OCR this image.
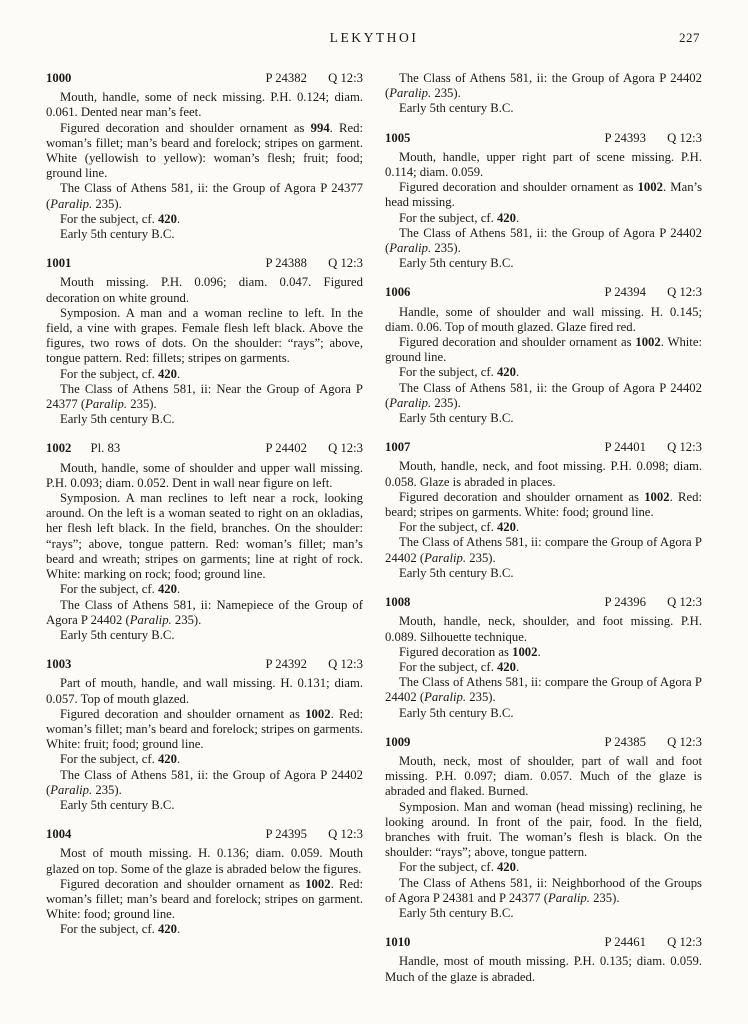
LEKYTHOI	227
1000	P 24382 Q 12:3

Mouth, handle, some of neck missing. P.H. 0.124; diam. 0.061. Dented near man’s feet.

Figured decoration and shoulder ornament as 994. Red: woman’s fillet; man’s beard and forelock; stripes on garment. White (yellowish to yellow): woman’s flesh; fruit; food; ground line.

The Class of Athens 581, ii: the Group of Agora P 24377 (Paralip. 235).

For the subject, cf. 420.

Early 5th century B.C.

1001	P 24388 Q 12:3

Mouth missing. P.H. 0.096; diam. 0.047. Figured decoration on white ground.

Symposion. A man and a woman recline to left. In the field, a vine with grapes. Female flesh left black. Above the figures, two rows of dots. On the shoulder: “rays”; above, tongue pattern. Red: fillets; stripes on garments.

For the subject, cf. 420.

The Class of Athens 581, ii: Near the Group of Agora P 24377 (Paralip. 235).

Early 5th century B.C.

1002 Pl. 83	P 24402 Q 12:3

Mouth, handle, some of shoulder and upper wall missing. P.H. 0.093; diam. 0.052. Dent in wall near figure on left.

Symposion. A man reclines to left near a rock, looking around. On the left is a woman seated to right on an okladias, her flesh left black. In the field, branches. On the shoulder: “rays”; above, tongue pattern. Red: woman’s fillet; man’s beard and wreath; stripes on garments; line at right of rock. White: marking on rock; food; ground line.

For the subject, cf. 420.

The Class of Athens 581, ii: Namepiece of the Group of Agora P 24402 (Paralip. 235).

Early 5th century B.C.

1003	P 24392 Q 12:3

Part of mouth, handle, and wall missing. H. 0.131; diam. 0.057. Top of mouth glazed.

Figured decoration and shoulder ornament as 1002. Red: woman’s fillet; man’s beard and forelock; stripes on garments. White: fruit; food; ground line.

For the subject, cf. 420.

The Class of Athens 581, ii: the Group of Agora P 24402 (Paralip. 235).

Early 5th century B.C.

1004	P 24395 Q 12:3

Most of mouth missing. H. 0.136; diam. 0.059. Mouth glazed on top. Some of the glaze is abraded below the figures.

Figured decoration and shoulder ornament as 1002. Red: woman’s fillet; man’s beard and forelock; stripes on garment. White: food; ground line.

For the subject, cf. 420.

The Class of Athens 581, ii: the Group of Agora P 24402 (Paralip. 235).

Early 5th century B.C.

1005	P 24393 Q 12:3

Mouth, handle, upper right part of scene missing. P.H. 0.114; diam. 0.059.

Figured decoration and shoulder ornament as 1002. Man’s head missing.

For the subject, cf. 420.

The Class of Athens 581, ii: the Group of Agora P 24402 (Paralip. 235).

Early 5th century B.C.

1006	P 24394 Q 12:3

Handle, some of shoulder and wall missing. H. 0.145; diam. 0.06. Top of mouth glazed. Glaze fired red.

Figured decoration and shoulder ornament as 1002. White: ground line.

For the subject, cf. 420.

The Class of Athens 581, ii: the Group of Agora P 24402 (Paralip. 235).

Early 5th century B.C.

1007	P 24401 Q 12:3

Mouth, handle, neck, and foot missing. P.H. 0.098; diam. 0.058. Glaze is abraded in places.

Figured decoration and shoulder ornament as 1002. Red: beard; stripes on garments. White: food; ground line.

For the subject, cf. 420.

The Class of Athens 581, ii: compare the Group of Agora P 24402 (Paralip. 235).

Early 5th century B.C.

1008	P 24396 Q 12:3

Mouth, handle, neck, shoulder, and foot missing. P.H. 0.089. Silhouette technique.

Figured decoration as 1002.

For the subject, cf. 420.

The Class of Athens 581, ii: compare the Group of Agora P 24402 (Paralip. 235).

Early 5th century B.C.

1009	P 24385 Q 12:3

Mouth, neck, most of shoulder, part of wall and foot missing. P.H. 0.097; diam. 0.057. Much of the glaze is abraded and flaked. Burned.

Symposion. Man and woman (head missing) reclining, he looking around. In front of the pair, food. In the field, branches with fruit. The woman’s flesh is black. On the shoulder: “rays”; above, tongue pattern.

For the subject, cf. 420.

The Class of Athens 581, ii: Neighborhood of the Groups of Agora P 24381 and P 24377 (Paralip. 235).

Early 5th century B.C.

1010	P 24461 Q 12:3

Handle, most of mouth missing. P.H. 0.135; diam. 0.059. Much of the glaze is abraded.
